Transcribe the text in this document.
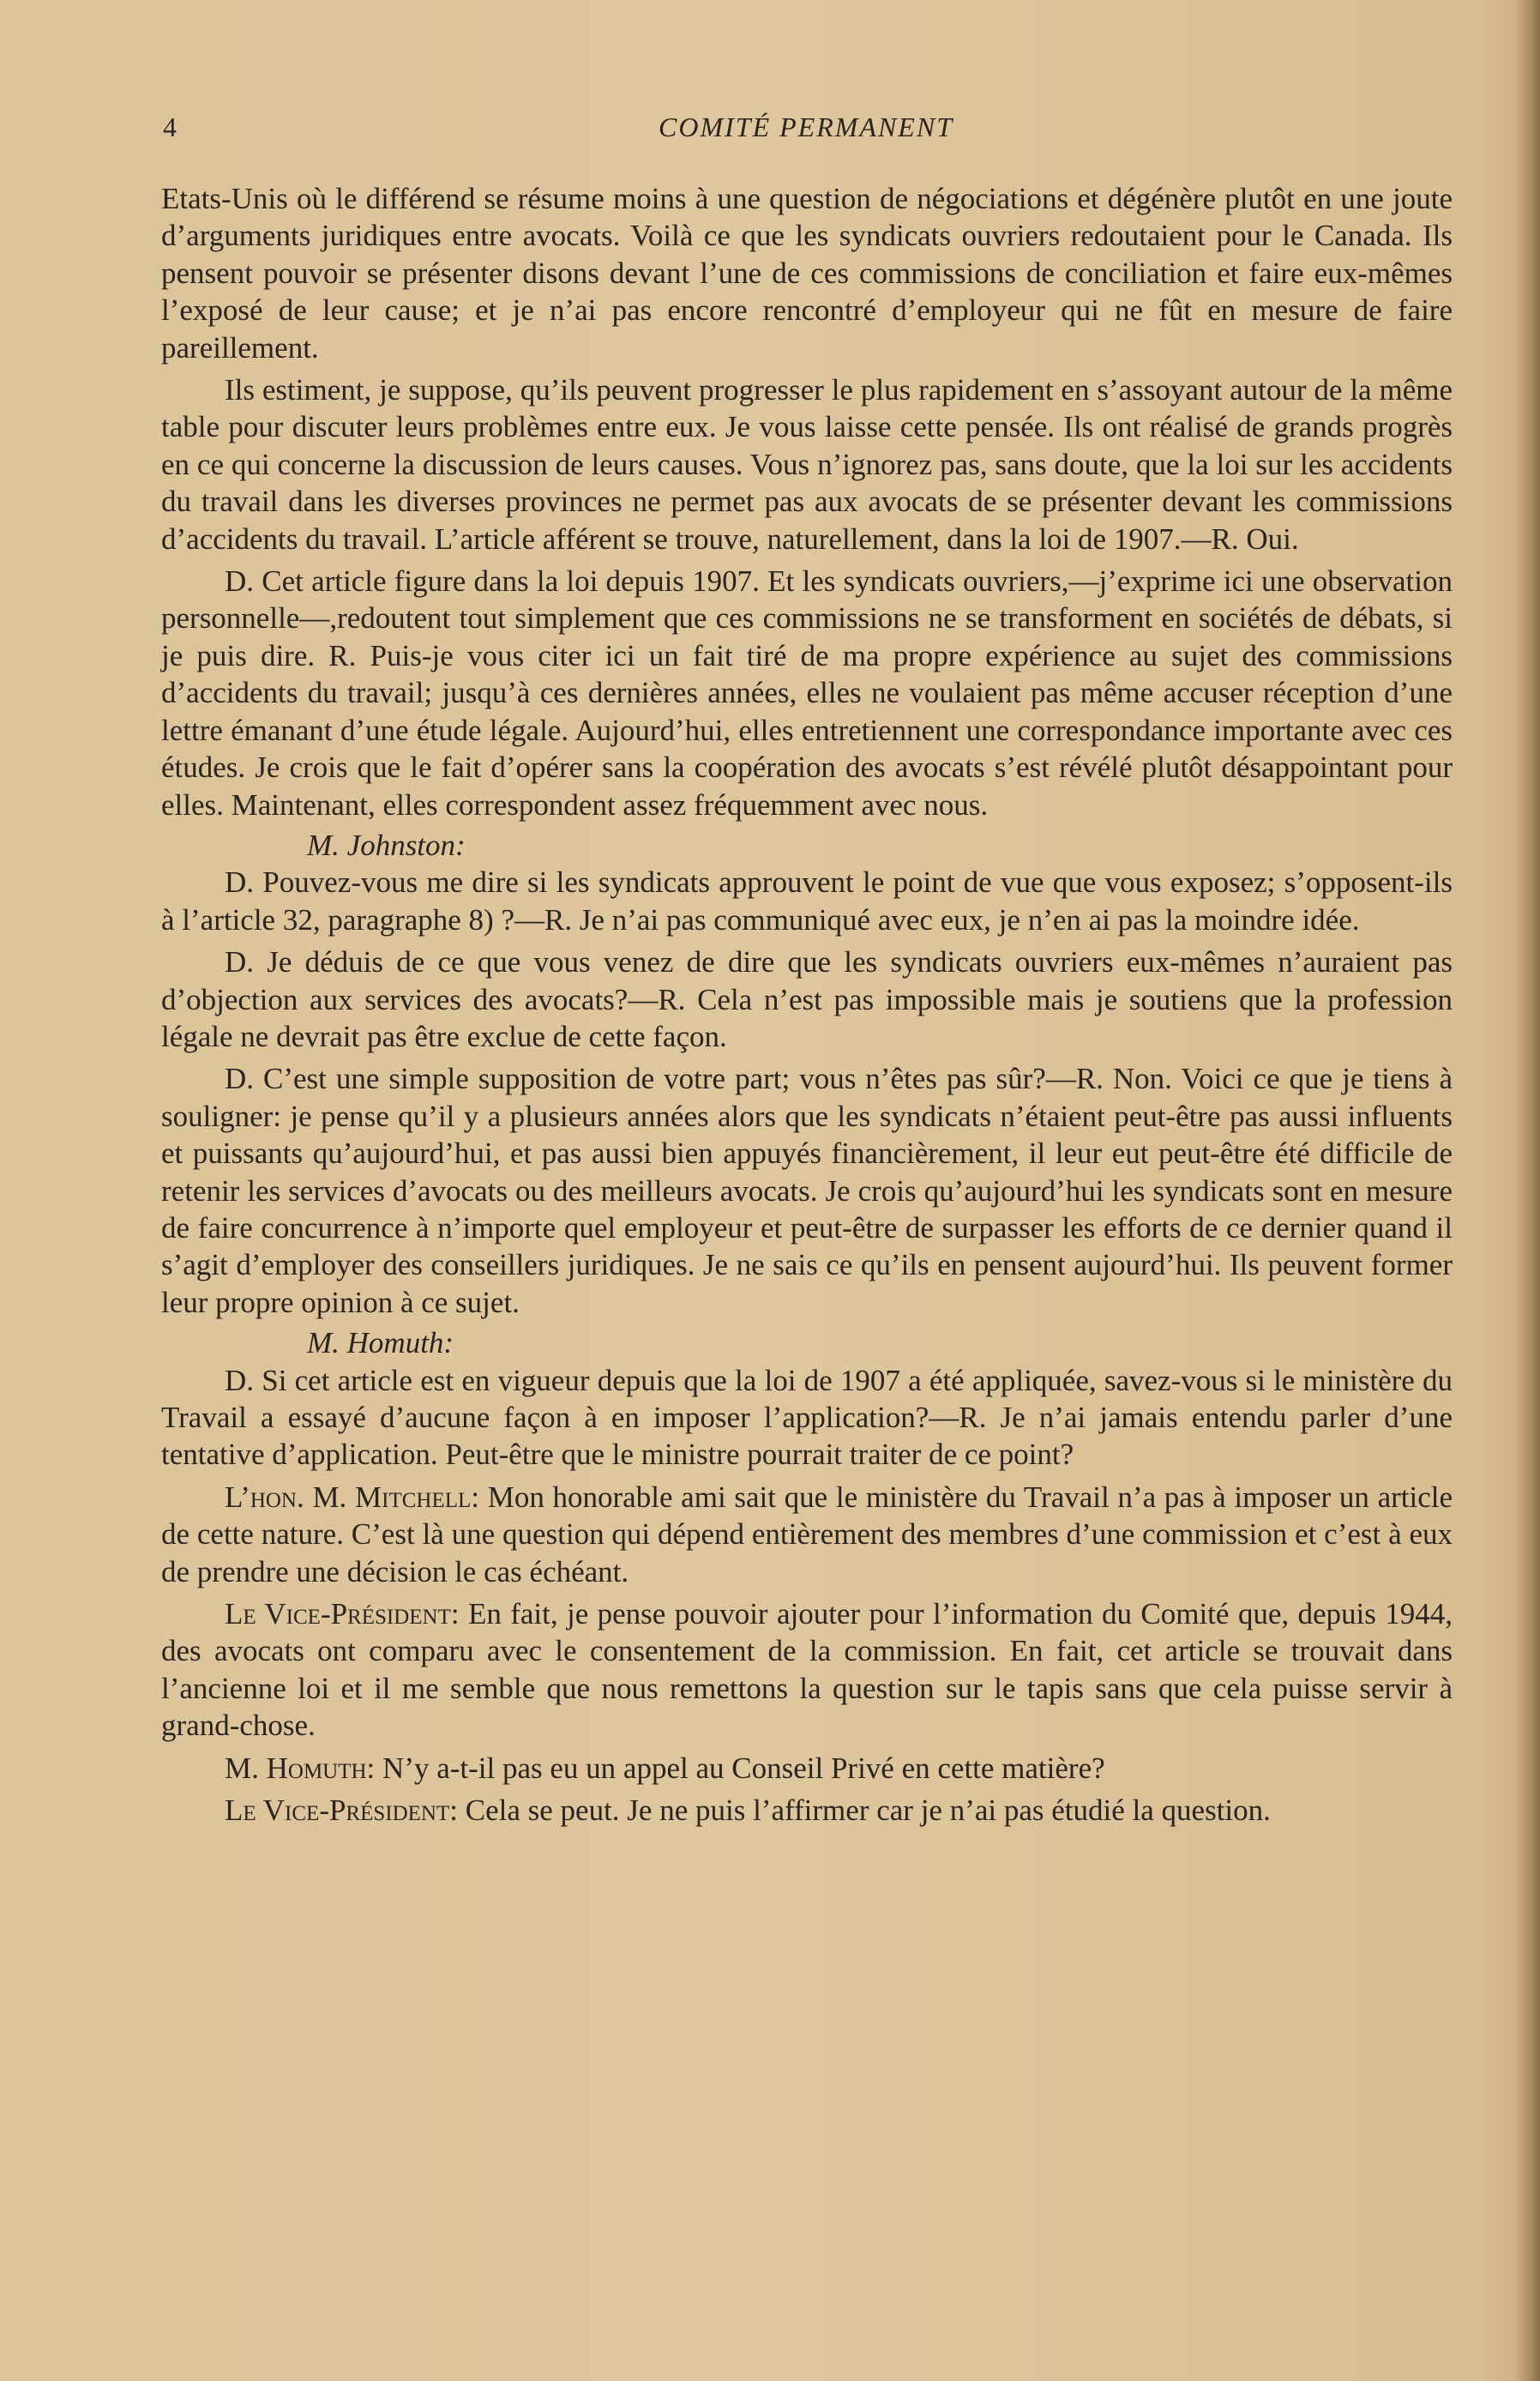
4	COMITÉ PERMANENT

Etats-Unis où le différend se résume moins à une question de négociations et dégénère plutôt en une joute d’arguments juridiques entre avocats. Voilà ce que les syndicats ouvriers redoutaient pour le Canada. Ils pensent pouvoir se présenter disons devant l’une de ces commissions de conciliation et faire eux-mêmes l’exposé de leur cause; et je n’ai pas encore rencontré d’employeur qui ne fût en mesure de faire pareillement.

Ils estiment, je suppose, qu’ils peuvent progresser le plus rapidement en s’assoyant autour de la même table pour discuter leurs problèmes entre eux. Je vous laisse cette pensée. Ils ont réalisé de grands progrès en ce qui concerne la discussion de leurs causes. Vous n’ignorez pas, sans doute, que la loi sur les accidents du travail dans les diverses provinces ne permet pas aux avocats de se présenter devant les commissions d’accidents du travail. L’article afférent se trouve, naturellement, dans la loi de 1907.—R. Oui.

D. Cet article figure dans la loi depuis 1907. Et les syndicats ouvriers,—j’exprime ici une observation personnelle—,redoutent tout simplement que ces commissions ne se transforment en sociétés de débats, si je puis dire. R. Puis-je vous citer ici un fait tiré de ma propre expérience au sujet des commissions d’accidents du travail; jusqu’à ces dernières années, elles ne voulaient pas même accuser réception d’une lettre émanant d’une étude légale. Aujourd’hui, elles entretiennent une correspondance importante avec ces études. Je crois que le fait d’opérer sans la coopération des avocats s’est révélé plutôt désappointant pour elles. Maintenant, elles correspondent assez fréquemment avec nous.

M. Johnston:

D. Pouvez-vous me dire si les syndicats approuvent le point de vue que vous exposez; s’opposent-ils à l’article 32, paragraphe 8) ?—R. Je n’ai pas communiqué avec eux, je n’en ai pas la moindre idée.

D. Je déduis de ce que vous venez de dire que les syndicats ouvriers eux-mêmes n’auraient pas d’objection aux services des avocats?—R. Cela n’est pas impossible mais je soutiens que la profession légale ne devrait pas être exclue de cette façon.

D. C’est une simple supposition de votre part; vous n’êtes pas sûr?—R. Non. Voici ce que je tiens à souligner: je pense qu’il y a plusieurs années alors que les syndicats n’étaient peut-être pas aussi influents et puissants qu’aujourd’hui, et pas aussi bien appuyés financièrement, il leur eut peut-être été difficile de retenir les services d’avocats ou des meilleurs avocats. Je crois qu’aujourd’hui les syndicats sont en mesure de faire concurrence à n’importe quel employeur et peut-être de surpasser les efforts de ce dernier quand il s’agit d’employer des conseillers juridiques. Je ne sais ce qu’ils en pensent aujourd’hui. Ils peuvent former leur propre opinion à ce sujet.

M. Homuth:

D. Si cet article est en vigueur depuis que la loi de 1907 a été appliquée, savez-vous si le ministère du Travail a essayé d’aucune façon à en imposer l’application?—R. Je n’ai jamais entendu parler d’une tentative d’application. Peut-être que le ministre pourrait traiter de ce point?

L’hon. M. Mitchell: Mon honorable ami sait que le ministère du Travail n’a pas à imposer un article de cette nature. C’est là une question qui dépend entièrement des membres d’une commission et c’est à eux de prendre une décision le cas échéant.

Le Vice-Président: En fait, je pense pouvoir ajouter pour l’information du Comité que, depuis 1944, des avocats ont comparu avec le consentement de la commission. En fait, cet article se trouvait dans l’ancienne loi et il me semble que nous remettons la question sur le tapis sans que cela puisse servir à grand-chose.

M. Homuth: N’y a-t-il pas eu un appel au Conseil Privé en cette matière?

Le Vice-Président: Cela se peut. Je ne puis l’affirmer car je n’ai pas étudié la question.
